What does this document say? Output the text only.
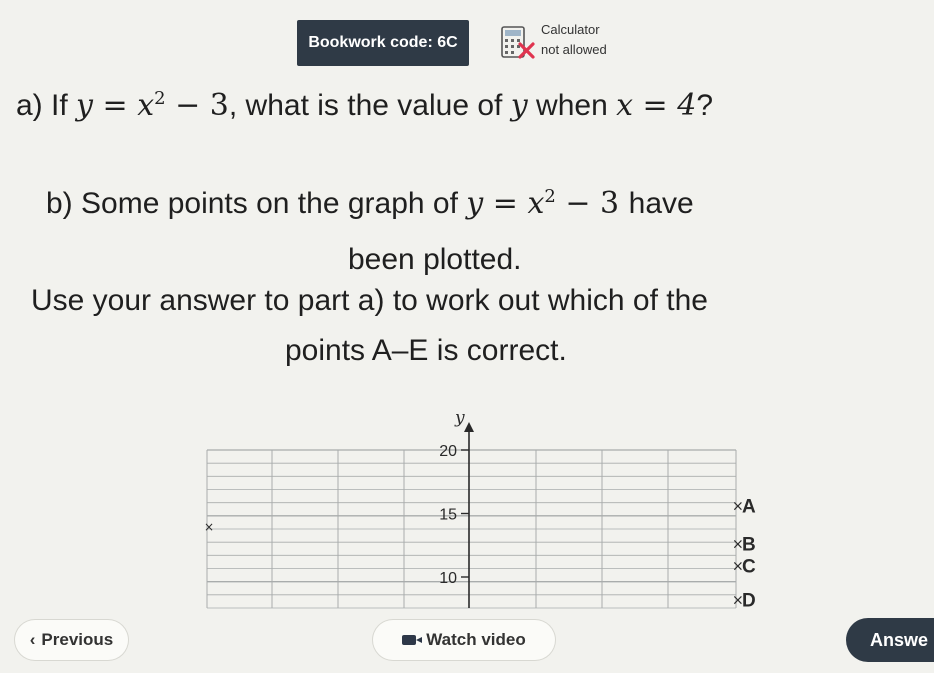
Bookwork code: 6C
Calculator
not allowed
a) If $y = x^2 - 3$, what is the value of y when x = 4?
b) Some points on the graph of $y = x^2 - 3$ have
been plotted.
Use your answer to part a) to work out which of the
points A–E is correct.
y
20
15
10
×
A
×
B
×
C
×
D
×
‹ Previous	Watch video	Answe
